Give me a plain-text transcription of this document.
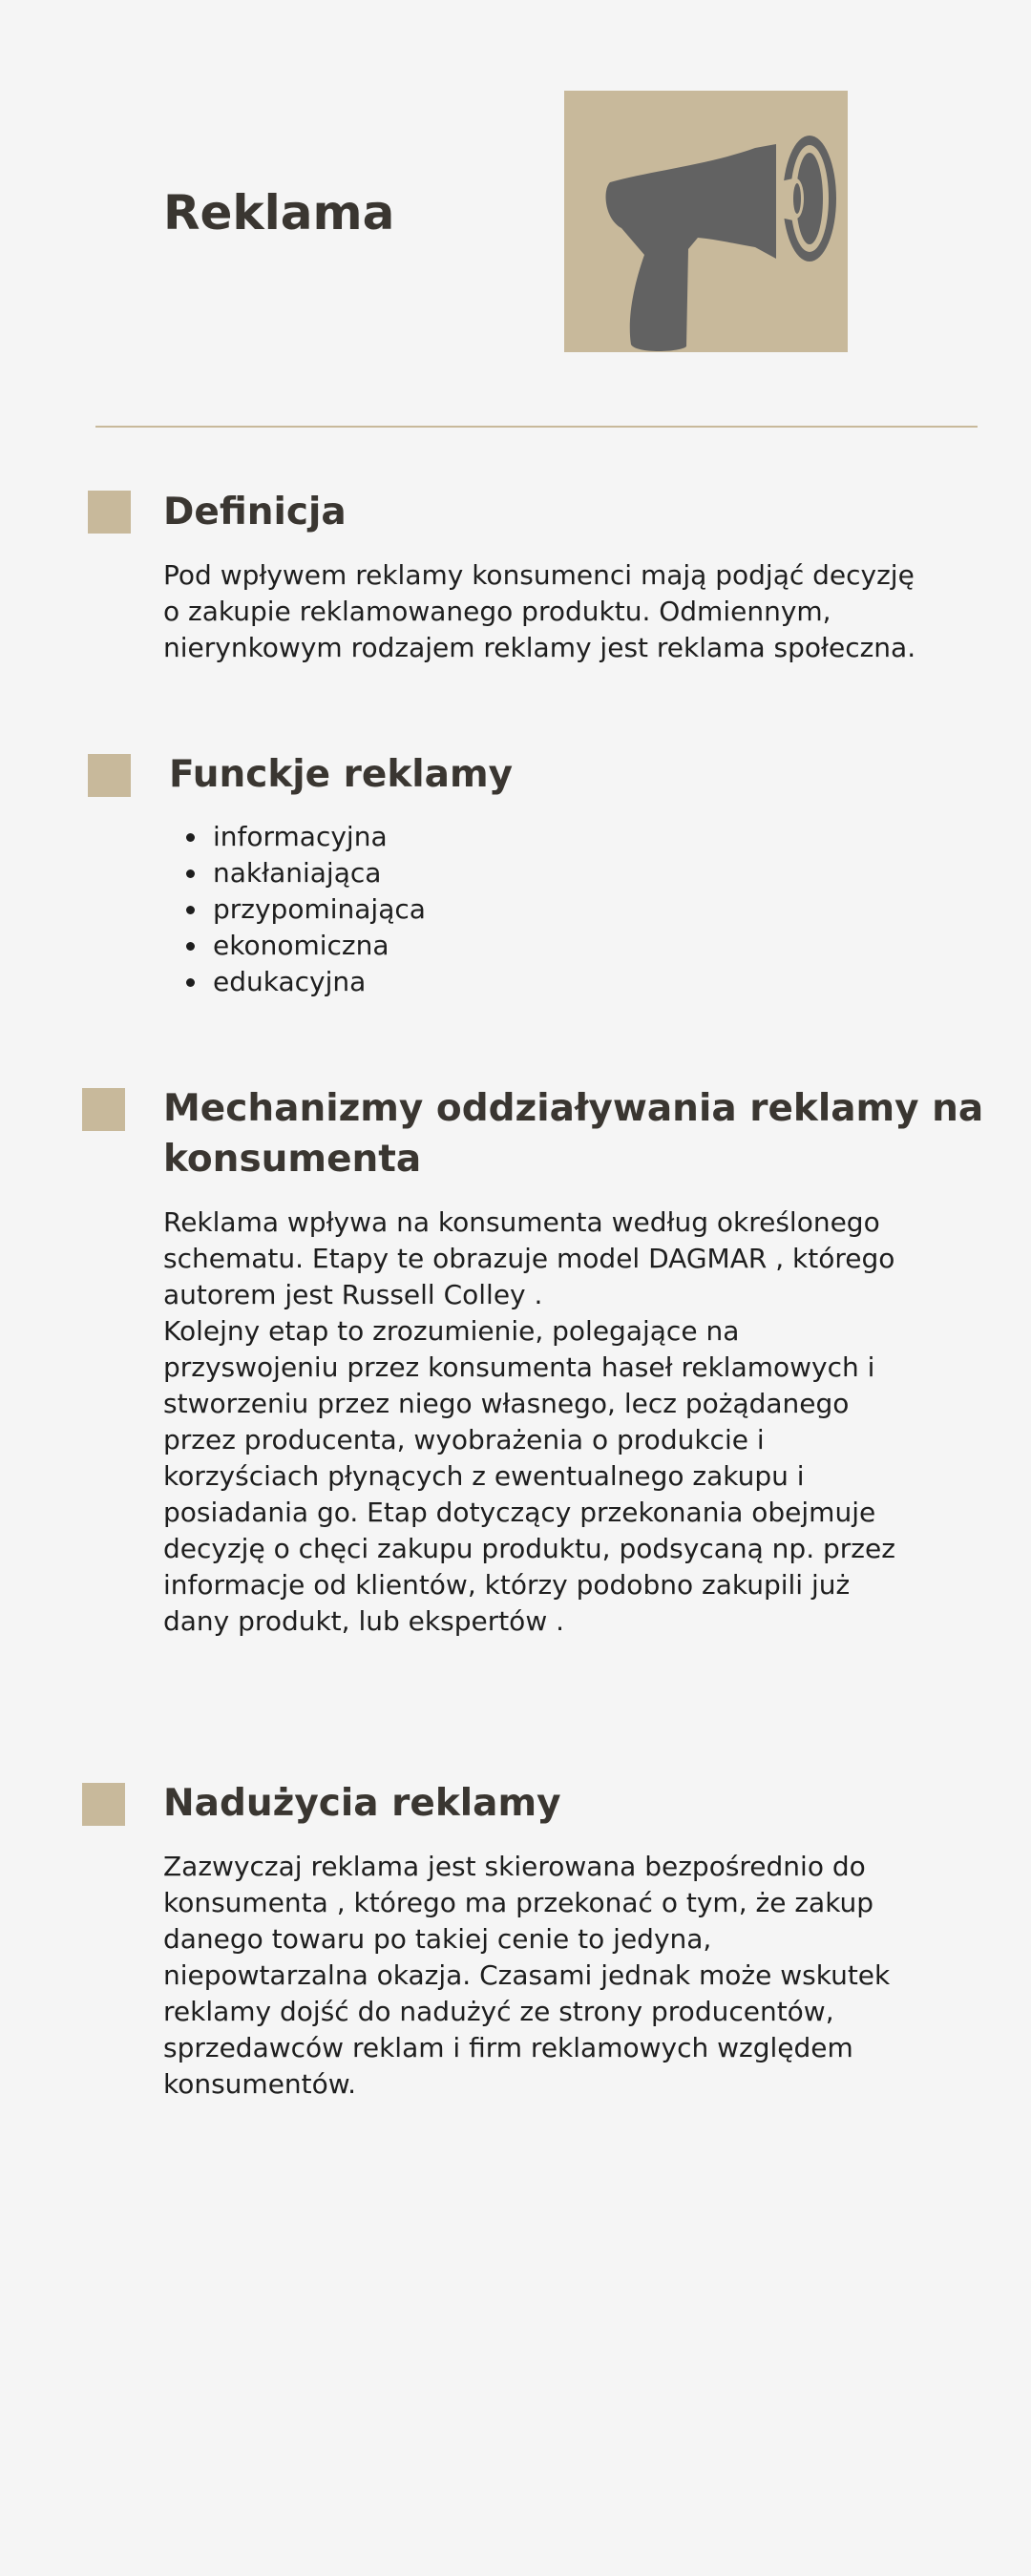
Reklama
Definicja

Pod wpływem reklamy konsumenci mają podjąć decyzję
o zakupie reklamowanego produktu. Odmiennym,
nierynkowym rodzajem reklamy jest reklama społeczna.

Funckje reklamy
informacyjna
nakłaniająca
przypominająca
ekonomiczna
edukacyjna
Mechanizmy oddziaływania reklamy na
konsumenta

Reklama wpływa na konsumenta według określonego
schematu. Etapy te obrazuje model DAGMAR , którego
autorem jest Russell Colley .
Kolejny etap to zrozumienie, polegające na
przyswojeniu przez konsumenta haseł reklamowych i
stworzeniu przez niego własnego, lecz pożądanego
przez producenta, wyobrażenia o produkcie i
korzyściach płynących z ewentualnego zakupu i
posiadania go. Etap dotyczący przekonania obejmuje
decyzję o chęci zakupu produktu, podsycaną np. przez
informacje od klientów, którzy podobno zakupili już
dany produkt, lub ekspertów .

Nadużycia reklamy

Zazwyczaj reklama jest skierowana bezpośrednio do
konsumenta , którego ma przekonać o tym, że zakup
danego towaru po takiej cenie to jedyna,
niepowtarzalna okazja. Czasami jednak może wskutek
reklamy dojść do nadużyć ze strony producentów,
sprzedawców reklam i firm reklamowych względem
konsumentów.
